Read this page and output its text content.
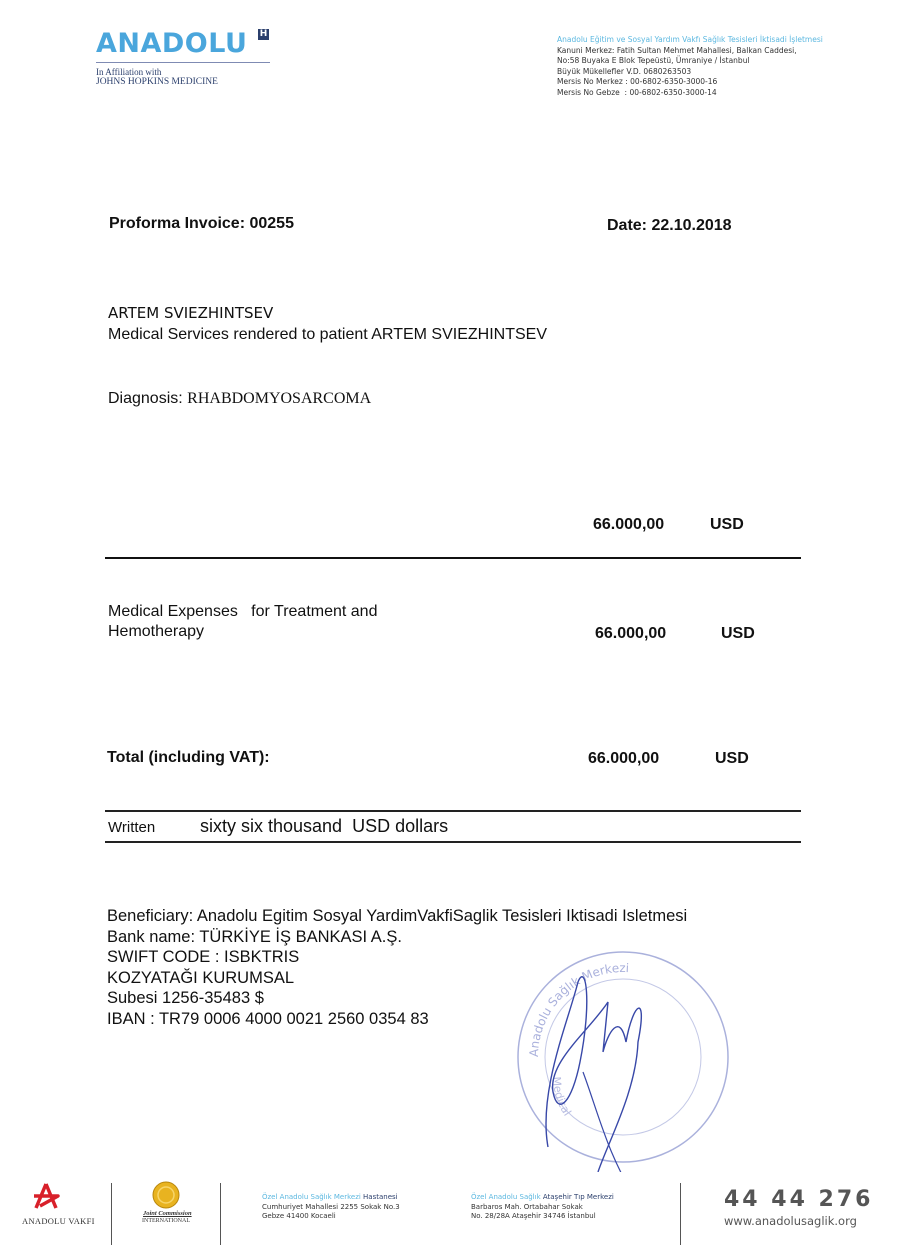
ANADOLU H
In Affiliation with
JOHNS HOPKINS MEDICINE
Anadolu Eğitim ve Sosyal Yardım Vakfı Sağlık Tesisleri İktisadi İşletmesi
Kanuni Merkez: Fatih Sultan Mehmet Mahallesi, Balkan Caddesi,
No:58 Buyaka E Blok Tepeüstü, Ümraniye / İstanbul
Büyük Mükellefler V.D. 0680263503
Mersis No Merkez : 00-6802-6350-3000-16
Mersis No Gebze  : 00-6802-6350-3000-14
Proforma Invoice: 00255	Date: 22.10.2018
ARTEM SVIEZHINTSEV
Medical Services rendered to patient ARTEM SVIEZHINTSEV
Diagnosis: RHABDOMYOSARCOMA
66.000,00	USD
Medical Expenses   for Treatment and
Hemotherapy	66.000,00	USD
Total (including VAT):	66.000,00	USD
Written sixty six thousand  USD dollars
Beneficiary: Anadolu Egitim Sosyal YardimVakfiSaglik Tesisleri Iktisadi Isletmesi
Bank name: TÜRKİYE İŞ BANKASI A.Ş.
SWIFT CODE : ISBKTRIS
KOZYATAĞI KURUMSAL
Subesi 1256-35483 $
IBAN : TR79 0006 4000 0021 2560 0354 83
Anadolu Sağlık Merkezi
Medical
ANADOLU VAKFI
Joint Commission
INTERNATIONAL
Özel Anadolu Sağlık Merkezi Hastanesi
Cumhuriyet Mahallesi 2255 Sokak No.3
Gebze 41400 Kocaeli
Özel Anadolu Sağlık Ataşehir Tıp Merkezi
Barbaros Mah. Ortabahar Sokak
No. 28/28A Ataşehir 34746 İstanbul
44 44 276
www.anadolusaglik.org
